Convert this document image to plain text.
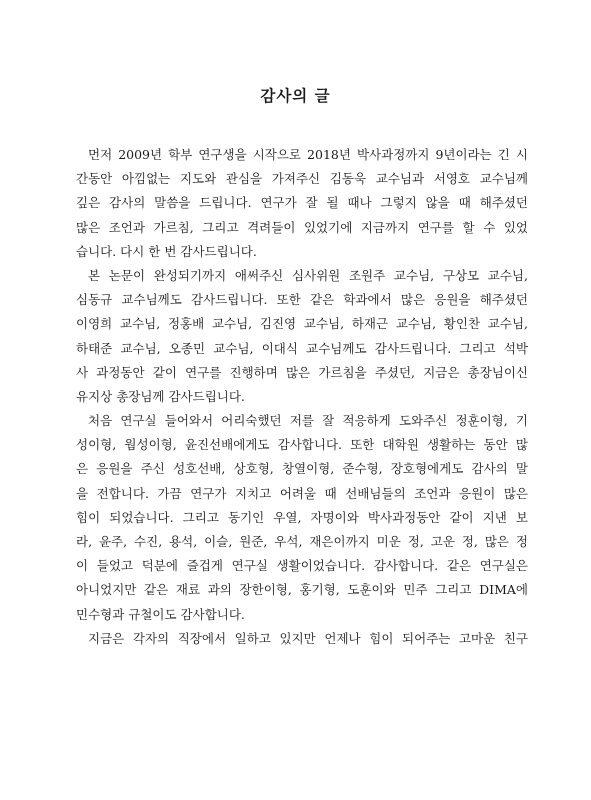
감사의 글
먼저 2009년 학부 연구생을 시작으로 2018년 박사과정까지 9년이라는 긴 시
간동안 아낌없는 지도와 관심을 가져주신 김동욱 교수님과 서영호 교수님께
깊은 감사의 말씀을 드립니다. 연구가 잘 될 때나 그렇지 않을 때 해주셨던
많은 조언과 가르침, 그리고 격려들이 있었기에 지금까지 연구를 할 수 있었
습니다. 다시 한 번 감사드립니다.
본 논문이 완성되기까지 애써주신 심사위원 조원주 교수님, 구상모 교수님,
심동규 교수님께도 감사드립니다. 또한 같은 학과에서 많은 응원을 해주셨던
이영희 교수님, 정홍배 교수님, 김진영 교수님, 하재근 교수님, 황인찬 교수님,
하태준 교수님, 오종민 교수님, 이대식 교수님께도 감사드립니다. 그리고 석박
사 과정동안 같이 연구를 진행하며 많은 가르침을 주셨던, 지금은 총장님이신
유지상 총장님께 감사드립니다.
처음 연구실 들어와서 어리숙했던 저를 잘 적응하게 도와주신 정훈이형, 기
성이형, 웜성이형, 윤진선배에게도 감사합니다. 또한 대학원 생활하는 동안 많
은 응원을 주신 성호선배, 상호형, 창열이형, 준수형, 장호형에게도 감사의 말
을 전합니다. 가끔 연구가 지치고 어려울 때 선배님들의 조언과 응원이 많은
힘이 되었습니다. 그리고 동기인 우열, 자명이와 박사과정동안 같이 지낸 보
라, 윤주, 수진, 용석, 이슬, 원준, 우석, 재은이까지 미운 정, 고운 정, 많은 정
이 들었고 덕분에 즐겁게 연구실 생활이었습니다. 감사합니다. 같은 연구실은
아니었지만 같은 재료 과의 장한이형, 홍기형, 도훈이와 민주 그리고 DIMA에
민수형과 규철이도 감사합니다.
지금은 각자의 직장에서 일하고 있지만 언제나 힘이 되어주는 고마운 친구
